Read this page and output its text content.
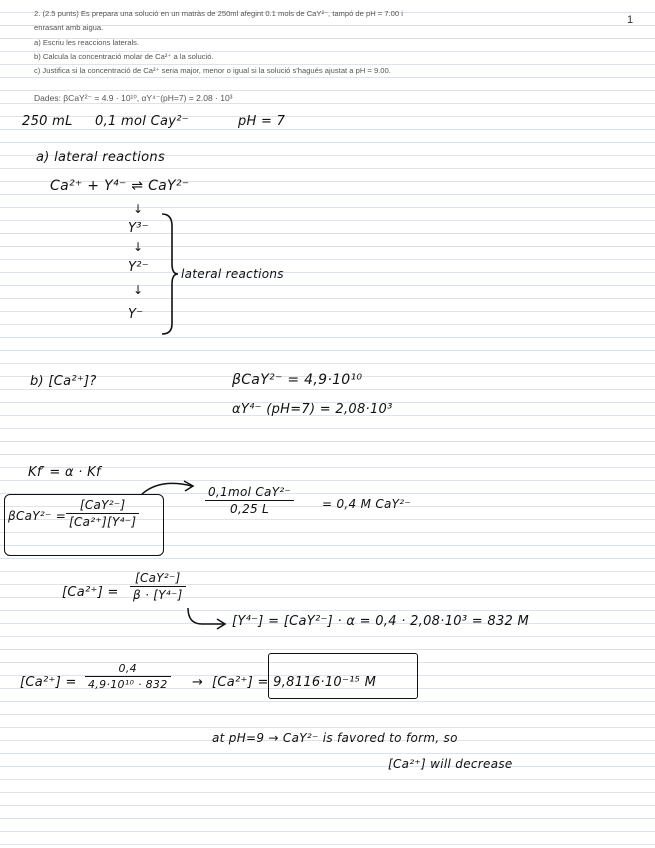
1
2. (2.5 punts) Es prepara una solució en un matràs de 250ml afegint 0.1 mols de CaY²⁻, tampó de pH = 7.00 i
enrasant amb aigua.
a) Escriu les reaccions laterals.
b) Calcula la concentració molar de Ca²⁺ a la solució.
c) Justifica si la concentració de Ca²⁺ seria major, menor o igual si la solució s'hagués ajustat a pH = 9.00.
Dades: βCaY²⁻ = 4.9 · 10¹⁰, αY⁴⁻(pH=7) = 2.08 · 10³
250 mL 0,1 mol Cay²⁻	pH = 7
a) lateral reactions
Ca²⁺ + Y⁴⁻ ⇌ CaY²⁻
↓
Y³⁻
↓
Y²⁻
↓
Y⁻
lateral reactions
b) [Ca²⁺]?	βCaY²⁻ = 4,9·10¹⁰
αY⁴⁻ (pH=7) = 2,08·10³
Kf′ = α · Kf
$\beta CaY^{2-} = \frac{\text{[CaY²⁻]}}{\text{[Ca²⁺][Y⁴⁻]}}$	$\frac{\text{0,1mol CaY²⁻}}{0,25 L} = 0,4$ M CaY²⁻
$[Ca^{2+}] = \frac{\text{[CaY²⁻]}}{\text{β · [Y⁴⁻]}}$
[Y⁴⁻] = [CaY²⁻] · α = 0,4 · 2,08·10³ = 832 M
$[Ca^{2+}] = \frac{0,4}{\text{4,9·10¹⁰ · 832}} \to [Ca^{2+}] = 9,8116\cdot 10^{-15}$ M
at pH=9 → CaY²⁻ is favored to form, so
[Ca²⁺] will decrease
